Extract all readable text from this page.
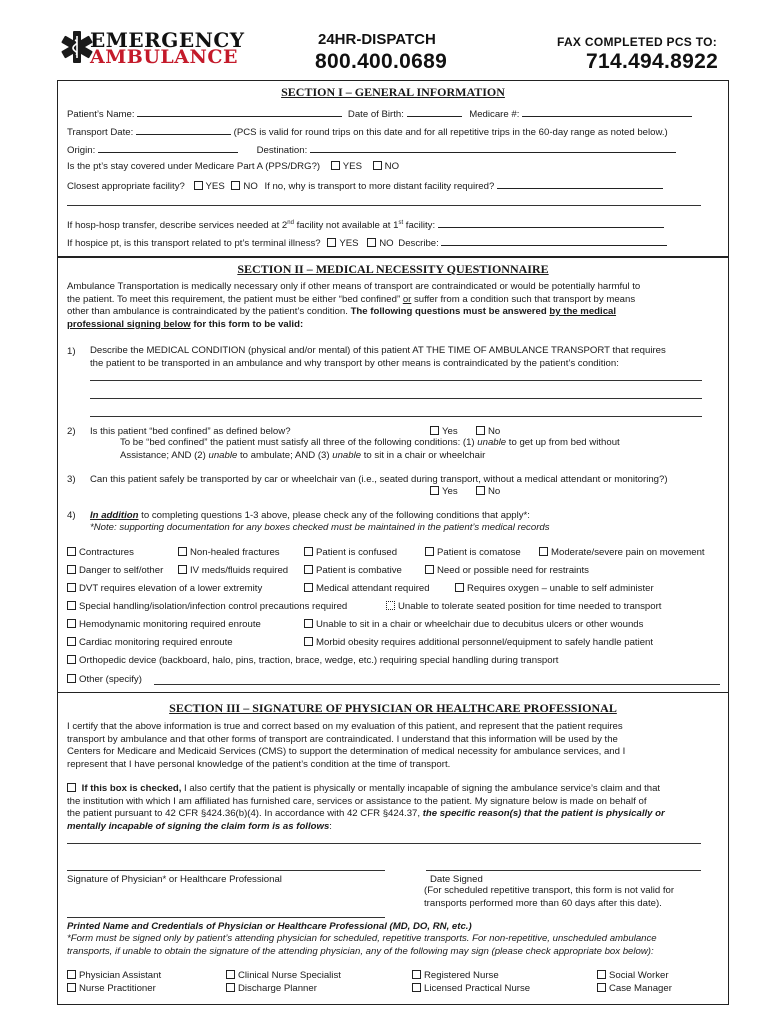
EMERGENCY
AMBULANCE
24HR-DISPATCH
800.400.0689
FAX COMPLETED PCS TO:
714.494.8922
SECTION I – GENERAL INFORMATION
Patient’s Name:	Date of Birth:	Medicare #:
Transport Date:	(PCS is valid for round trips on this date and for all repetitive trips in the 60-day range as noted below.)
Origin:	Destination:
Is the pt’s stay covered under Medicare Part A (PPS/DRG?) YES NO
Closest appropriate facility? YES NO If no, why is transport to more distant facility required?
If hosp-hosp transfer, describe services needed at 2nd facility not available at 1st facility:
If hospice pt, is this transport related to pt’s terminal illness? YES NO Describe:
SECTION II – MEDICAL NECESSITY QUESTIONNAIRE
Ambulance Transportation is medically necessary only if other means of transport are contraindicated or would be potentially harmful to
the patient. To meet this requirement, the patient must be either “bed confined” or suffer from a condition such that transport by means
other than ambulance is contraindicated by the patient’s condition. The following questions must be answered by the medical
professional signing below for this form to be valid:
1) Describe the MEDICAL CONDITION (physical and/or mental) of this patient AT THE TIME OF AMBULANCE TRANSPORT that requires
the patient to be transported in an ambulance and why transport by other means is contraindicated by the patient’s condition:
2) Is this patient “bed confined” as defined below?	Yes	No
To be “bed confined” the patient must satisfy all three of the following conditions: (1) unable to get up from bed without
Assistance; AND (2) unable to ambulate; AND (3) unable to sit in a chair or wheelchair
3) Can this patient safely be transported by car or wheelchair van (i.e., seated during transport, without a medical attendant or monitoring?)
Yes	No
4) In addition to completing questions 1-3 above, please check any of the following conditions that apply*:
*Note: supporting documentation for any boxes checked must be maintained in the patient’s medical records
Contractures	Non-healed fractures	Patient is confused	Patient is comatose	Moderate/severe pain on movement
Danger to self/other	IV meds/fluids required	Patient is combative	Need or possible need for restraints
DVT requires elevation of a lower extremity	Medical attendant required	Requires oxygen – unable to self administer
Special handling/isolation/infection control precautions required	Unable to tolerate seated position for time needed to transport
Hemodynamic monitoring required enroute	Unable to sit in a chair or wheelchair due to decubitus ulcers or other wounds
Cardiac monitoring required enroute	Morbid obesity requires additional personnel/equipment to safely handle patient
Orthopedic device (backboard, halo, pins, traction, brace, wedge, etc.) requiring special handling during transport
Other (specify)
SECTION III – SIGNATURE OF PHYSICIAN OR HEALTHCARE PROFESSIONAL
I certify that the above information is true and correct based on my evaluation of this patient, and represent that the patient requires
transport by ambulance and that other forms of transport are contraindicated. I understand that this information will be used by the
Centers for Medicare and Medicaid Services (CMS) to support the determination of medical necessity for ambulance services, and I
represent that I have personal knowledge of the patient’s condition at the time of transport.
If this box is checked, I also certify that the patient is physically or mentally incapable of signing the ambulance service’s claim and that
the institution with which I am affiliated has furnished care, services or assistance to the patient. My signature below is made on behalf of
the patient pursuant to 42 CFR §424.36(b)(4). In accordance with 42 CFR §424.37, the specific reason(s) that the patient is physically or
mentally incapable of signing the claim form is as follows:
Signature of Physician* or Healthcare Professional	Date Signed
(For scheduled repetitive transport, this form is not valid for
transports performed more than 60 days after this date).
Printed Name and Credentials of Physician or Healthcare Professional (MD, DO, RN, etc.)
*Form must be signed only by patient’s attending physician for scheduled, repetitive transports. For non-repetitive, unscheduled ambulance
transports, if unable to obtain the signature of the attending physician, any of the following may sign (please check appropriate box below):
Physician Assistant	Clinical Nurse Specialist	Registered Nurse	Social Worker
Nurse Practitioner	Discharge Planner	Licensed Practical Nurse	Case Manager
